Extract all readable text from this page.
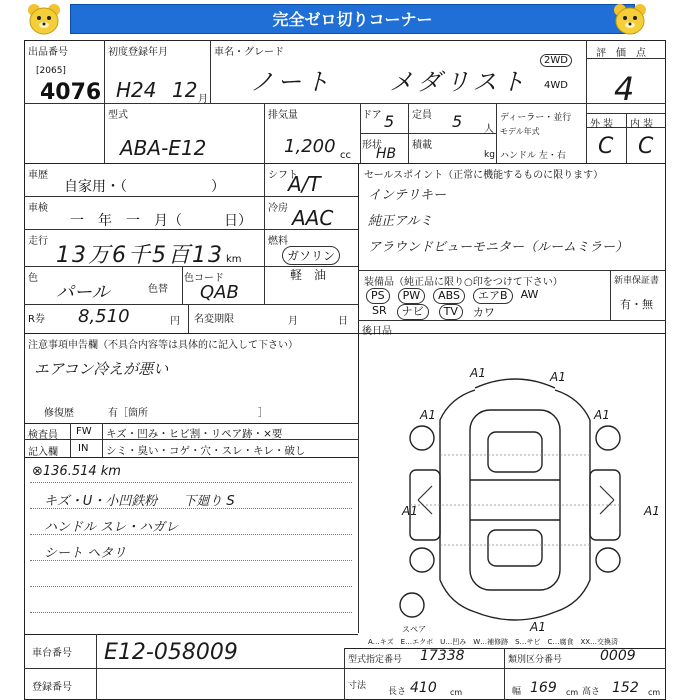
完全ゼロ切りコーナー
出品番号
[2065]
4076
初度登録年月
H24 12 月
車名・グレード
ノート　　メダリスト
2WD
4WD
評　価　点
4
外 装 内 装
C C
型式
ABA-E12
排気量
1,200 cc
ドア 5 定員 5 人
形状
HB
積載
kg
ディーラー・並行
モデル年式
ハンドル 左・右
車歴
自家用・（　　　　　　）
シフト
A/T
車検
一　年　一　月（　　　日）
冷房 AAC
走行
13万6千5百13 km
燃料
ガソリン
軽　油
色
パール	色替
色コード
QAB
R券 8,510	円 名変期限	月	日
セールスポイント（正常に機能するものに限ります）
インテリキー
純正アルミ
アラウンドビューモニター（ルームミラー）
装備品（純正品に限り○印をつけて下さい）	新車保証書
有・無
PS	PW	ABS	エアB	AW
SR	ナビ	TV	カワ
後日品
注意事項申告欄（不具合内容等は具体的に記入して下さい）
エアコン冷えが悪い
修復歴	有［箇所　　　　　　　　　　　］
検査員
記入欄
FW
IN
キズ・凹み・ヒビ割・リペア跡・×要
シミ・臭い・コゲ・穴・スレ・キレ・破し
⊗136.514 km
キズ・U・小凹鉄粉　　下廻り S
ハンドル スレ・ハガレ
シート ヘタリ
A1	A1
A1	A1
A1	A1
A1
スペア
A…キズ　E…エクボ　U…凹み　W…補修跡　S…サビ　C…腐食　XX…交換済
車台番号 E12-058009
登録番号
型式指定番号 17338	類別区分番号	0009
寸法
長さ 410 cm	幅 169 cm 高さ 152 cm
